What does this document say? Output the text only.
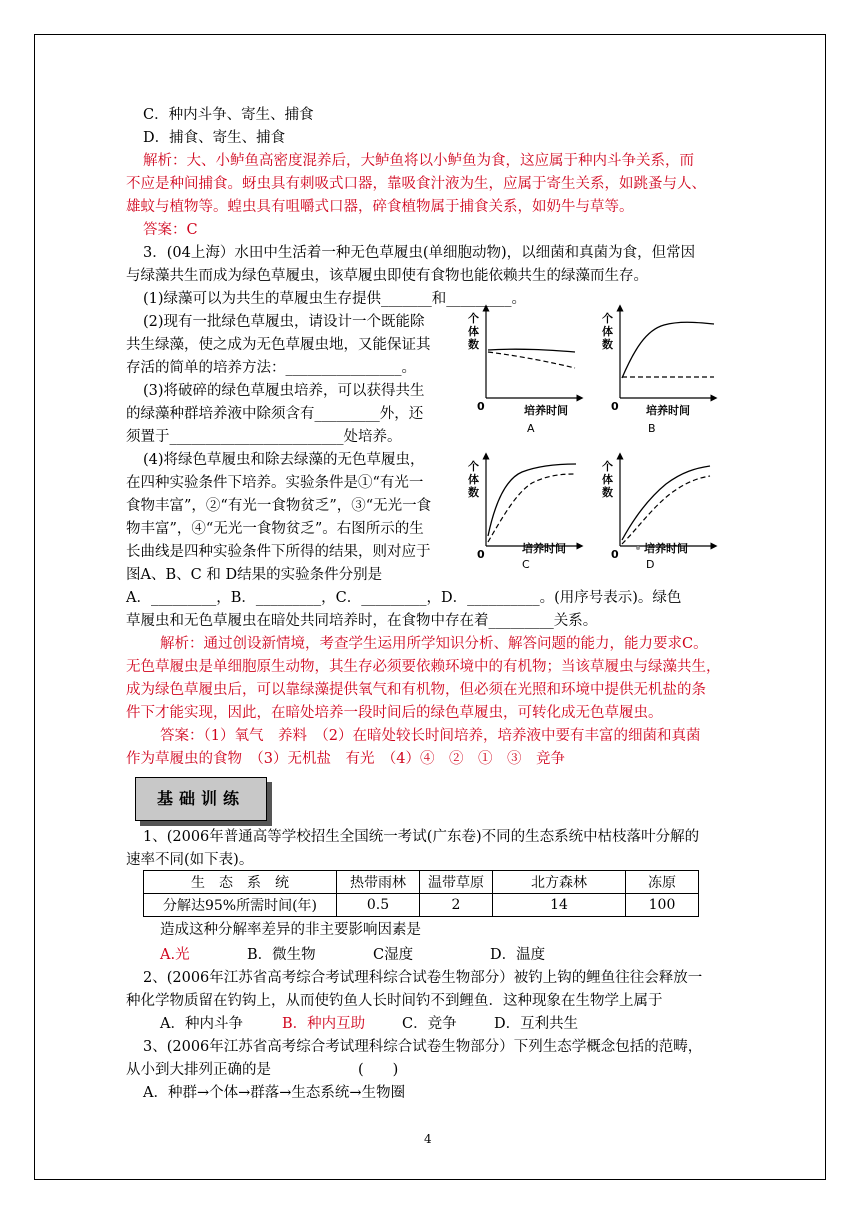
C．种内斗争、寄生、捕食
D．捕食、寄生、捕食
解析：大、小鲈鱼高密度混养后，大鲈鱼将以小鲈鱼为食，这应属于种内斗争关系，而
不应是种间捕食。蚜虫具有刺吸式口器，靠吸食汁液为生，应属于寄生关系，如跳蚤与人、
雄蚊与植物等。蝗虫具有咀嚼式口器，碎食植物属于捕食关系，如奶牛与草等。
答案：C
3．(04上海）水田中生活着一种无色草履虫(单细胞动物)，以细菌和真菌为食，但常因
与绿藻共生而成为绿色草履虫，该草履虫即使有食物也能依赖共生的绿藻而生存。
(1)绿藻可以为共生的草履虫生存提供_______和_________。
(2)现有一批绿色草履虫，请设计一个既能除
共生绿藻，使之成为无色草履虫地，又能保证其
存活的简单的培养方法：________________。
(3)将破碎的绿色草履虫培养，可以获得共生
的绿藻种群培养液中除须含有_________外，还
须置于________________________处培养。
(4)将绿色草履虫和除去绿藻的无色草履虫，
在四种实验条件下培养。实验条件是①“有光一
食物丰富”，②“有光一食物贫乏”，③“无光一食
物丰富”，④“无光一食物贫乏”。右图所示的生
长曲线是四种实验条件下所得的结果，则对应于
图A、B、C 和 D结果的实验条件分别是
A．_________，B．_________，C．_________，D．__________。(用序号表示)。绿色
草履虫和无色草履虫在暗处共同培养时，在食物中存在着_________关系。
解析：通过创设新情境，考查学生运用所学知识分析、解答问题的能力，能力要求C。
无色草履虫是单细胞原生动物，其生存必须要依赖环境中的有机物；当该草履虫与绿藻共生，
成为绿色草履虫后，可以靠绿藻提供氧气和有机物，但必须在光照和环境中提供无机盐的条
件下才能实现，因此，在暗处培养一段时间后的绿色草履虫，可转化成无色草履虫。
答案：（1）氧气　养料　（2）在暗处较长时间培养，培养液中要有丰富的细菌和真菌
作为草履虫的食物　（3）无机盐　有光　（4）④　②　①　③　竞争
个
体
数
0	培养时间
A
个
体
数
0 培养时间
B
个
体
数
0	培养时间
C
个
体
数
0 培养时间
D
基础训练
1、(2006年普通高等学校招生全国统一考试(广东卷)不同的生态系统中枯枝落叶分解的
速率不同(如下表)。
生　态　系　统	热带雨林	温带草原	北方森林	冻原
分解达95%所需时间(年)	0.5	2	14	100
造成这种分解率差异的非主要影响因素是
A.光	B．微生物	C湿度	D．温度
2、(2006年江苏省高考综合考试理科综合试卷生物部分）被钓上钩的鲤鱼往往会释放一
种化学物质留在钓钩上，从而使钓鱼人长时间钓不到鲤鱼．这种现象在生物学上属于
A．种内斗争	B．种内互助	C．竞争	D．互利共生
3、(2006年江苏省高考综合考试理科综合试卷生物部分）下列生态学概念包括的范畴，
从小到大排列正确的是　　　　　　(　　)
A．种群→个体→群落→生态系统→生物圈
4
